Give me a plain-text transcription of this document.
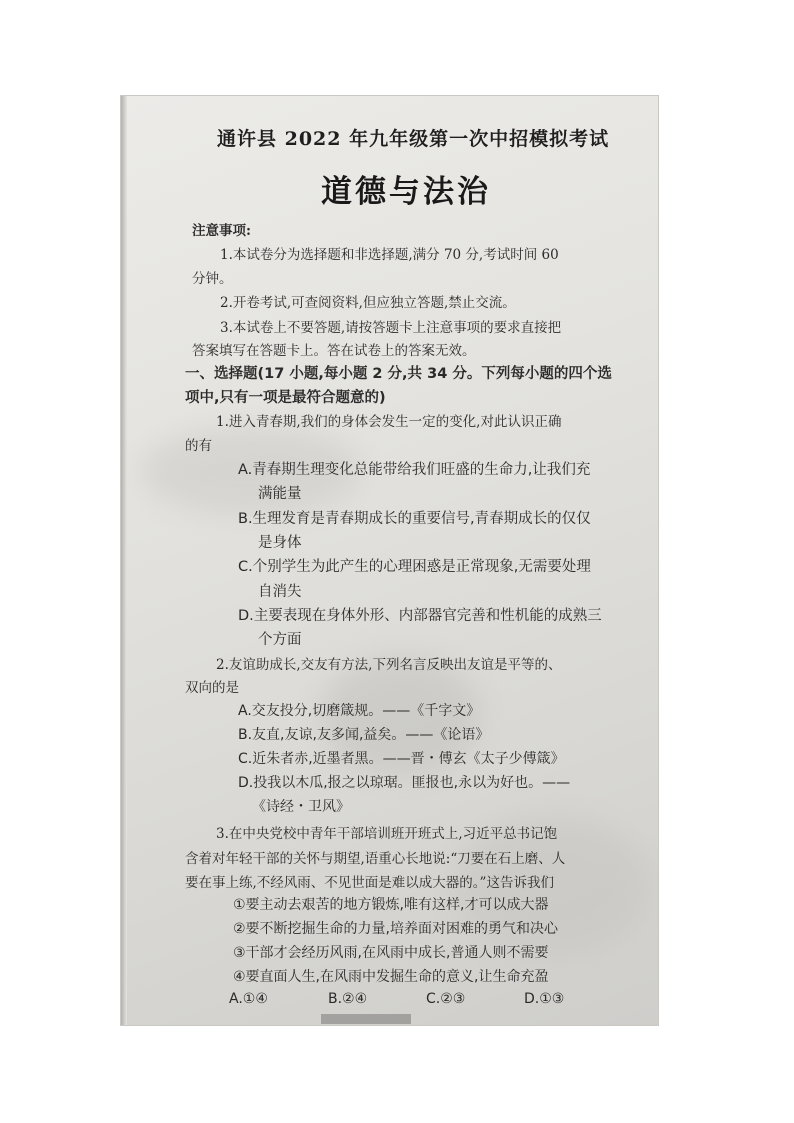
通许县 2022 年九年级第一次中招模拟考试
道德与法治
注意事项:
1.本试卷分为选择题和非选择题,满分 70 分,考试时间 60
分钟。
2.开卷考试,可查阅资料,但应独立答题,禁止交流。
3.本试卷上不要答题,请按答题卡上注意事项的要求直接把
答案填写在答题卡上。答在试卷上的答案无效。
一、选择题(17 小题,每小题 2 分,共 34 分。下列每小题的四个选
项中,只有一项是最符合题意的)
1.进入青春期,我们的身体会发生一定的变化,对此认识正确
的有
A.青春期生理变化总能带给我们旺盛的生命力,让我们充
满能量
B.生理发育是青春期成长的重要信号,青春期成长的仅仅
是身体
C.个别学生为此产生的心理困惑是正常现象,无需要处理
自消失
D.主要表现在身体外形、内部器官完善和性机能的成熟三
个方面
2.友谊助成长,交友有方法,下列名言反映出友谊是平等的、
双向的是
A.交友投分,切磨箴规。——《千字文》
B.友直,友谅,友多闻,益矣。——《论语》
C.近朱者赤,近墨者黑。——晋・傅玄《太子少傅箴》
D.投我以木瓜,报之以琼琚。匪报也,永以为好也。——
《诗经・卫风》
3.在中央党校中青年干部培训班开班式上,习近平总书记饱
含着对年轻干部的关怀与期望,语重心长地说:“刀要在石上磨、人
要在事上练,不经风雨、不见世面是难以成大器的。”这告诉我们
①要主动去艰苦的地方锻炼,唯有这样,才可以成大器
②要不断挖掘生命的力量,培养面对困难的勇气和决心
③干部才会经历风雨,在风雨中成长,普通人则不需要
④要直面人生,在风雨中发掘生命的意义,让生命充盈
A.①④	B.②④	C.②③	D.①③
